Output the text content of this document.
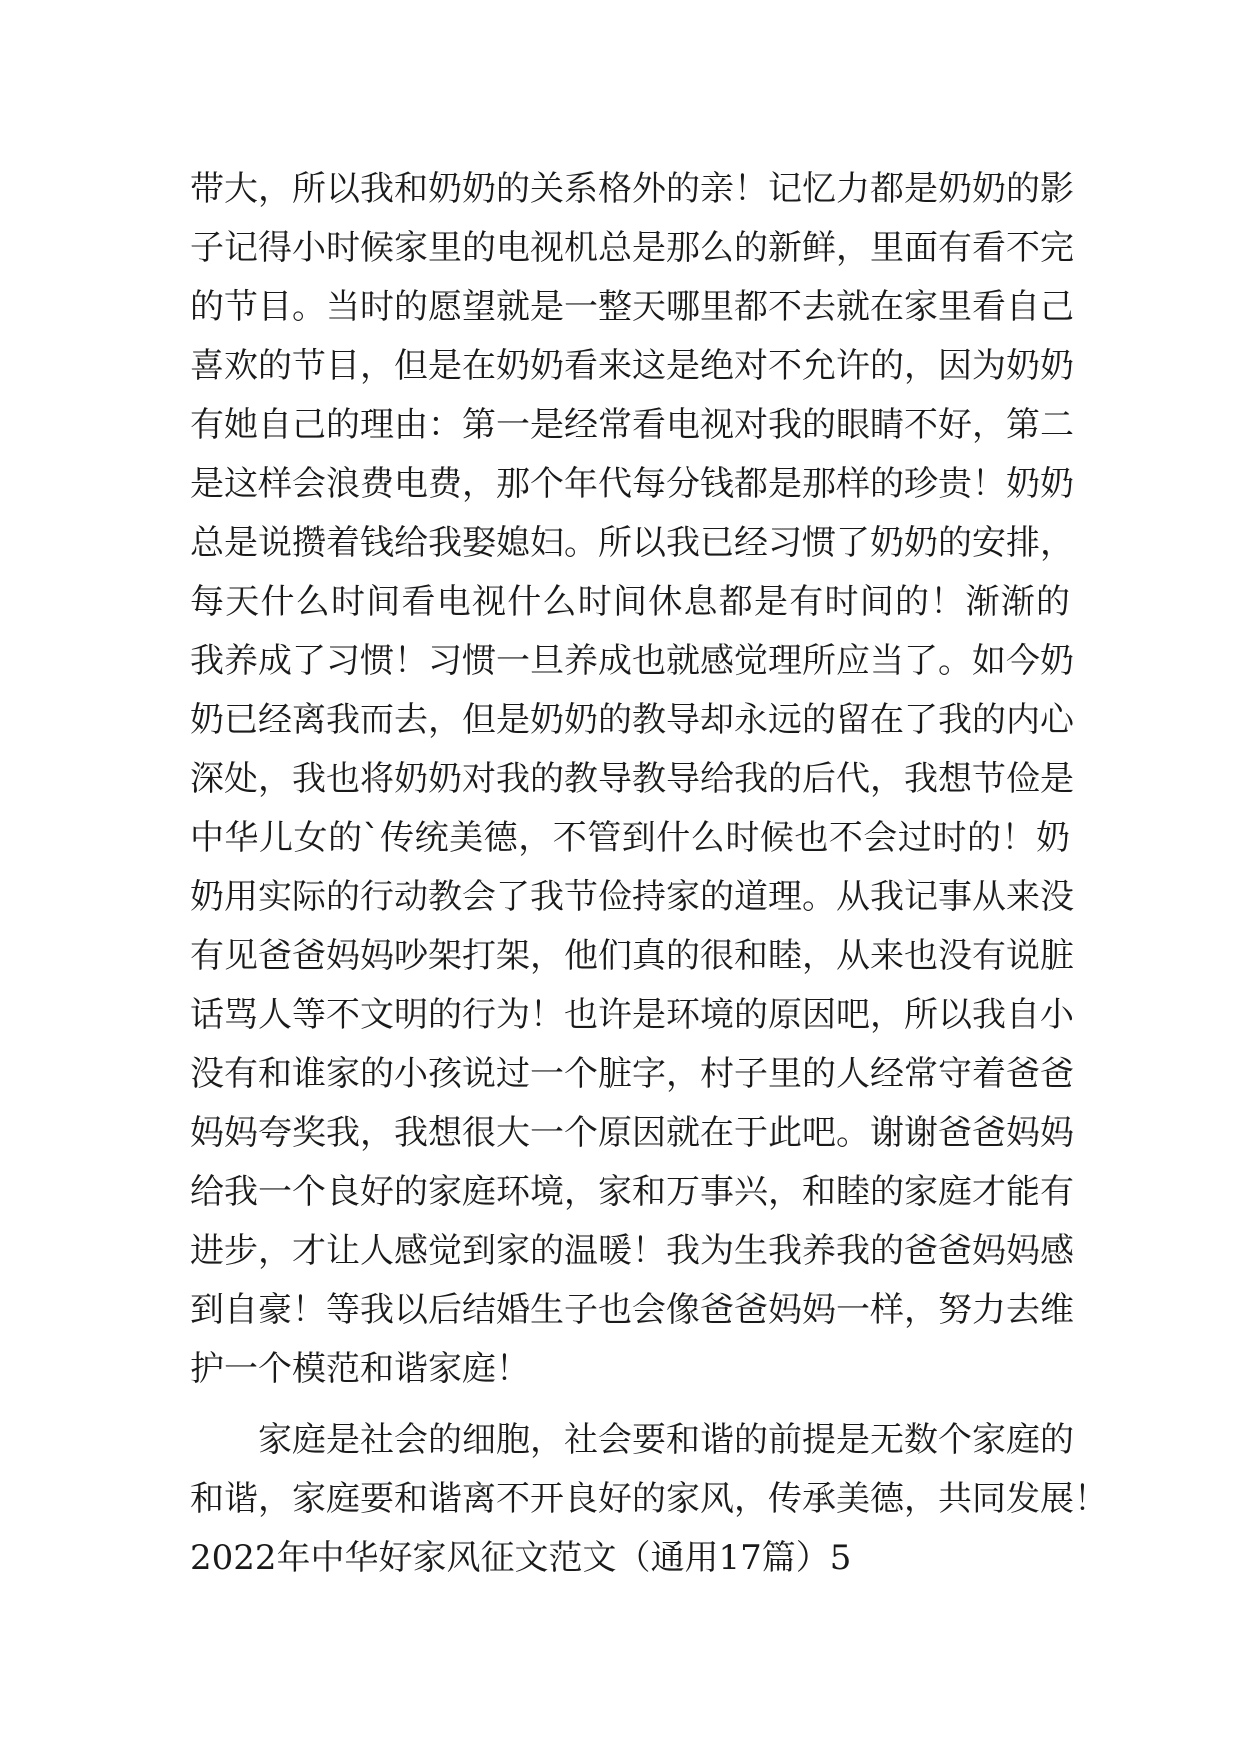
带大，所以我和奶奶的关系格外的亲！记忆力都是奶奶的影
子记得小时候家里的电视机总是那么的新鲜，里面有看不完
的节目。当时的愿望就是一整天哪里都不去就在家里看自己
喜欢的节目，但是在奶奶看来这是绝对不允许的，因为奶奶
有她自己的理由：第一是经常看电视对我的眼睛不好，第二
是这样会浪费电费，那个年代每分钱都是那样的珍贵！奶奶
总是说攒着钱给我娶媳妇。所以我已经习惯了奶奶的安排，
每天什么时间看电视什么时间休息都是有时间的！渐渐的
我养成了习惯！习惯一旦养成也就感觉理所应当了。如今奶
奶已经离我而去，但是奶奶的教导却永远的留在了我的内心
深处，我也将奶奶对我的教导教导给我的后代，我想节俭是
中华儿女的`传统美德，不管到什么时候也不会过时的！奶
奶用实际的行动教会了我节俭持家的道理。从我记事从来没
有见爸爸妈妈吵架打架，他们真的很和睦，从来也没有说脏
话骂人等不文明的行为！也许是环境的原因吧，所以我自小
没有和谁家的小孩说过一个脏字，村子里的人经常守着爸爸
妈妈夸奖我，我想很大一个原因就在于此吧。谢谢爸爸妈妈
给我一个良好的家庭环境，家和万事兴，和睦的家庭才能有
进步，才让人感觉到家的温暖！我为生我养我的爸爸妈妈感
到自豪！等我以后结婚生子也会像爸爸妈妈一样，努力去维
护一个模范和谐家庭！
家庭是社会的细胞，社会要和谐的前提是无数个家庭的
和谐，家庭要和谐离不开良好的家风，传承美德，共同发展！
2022年中华好家风征文范文（通用17篇）5
